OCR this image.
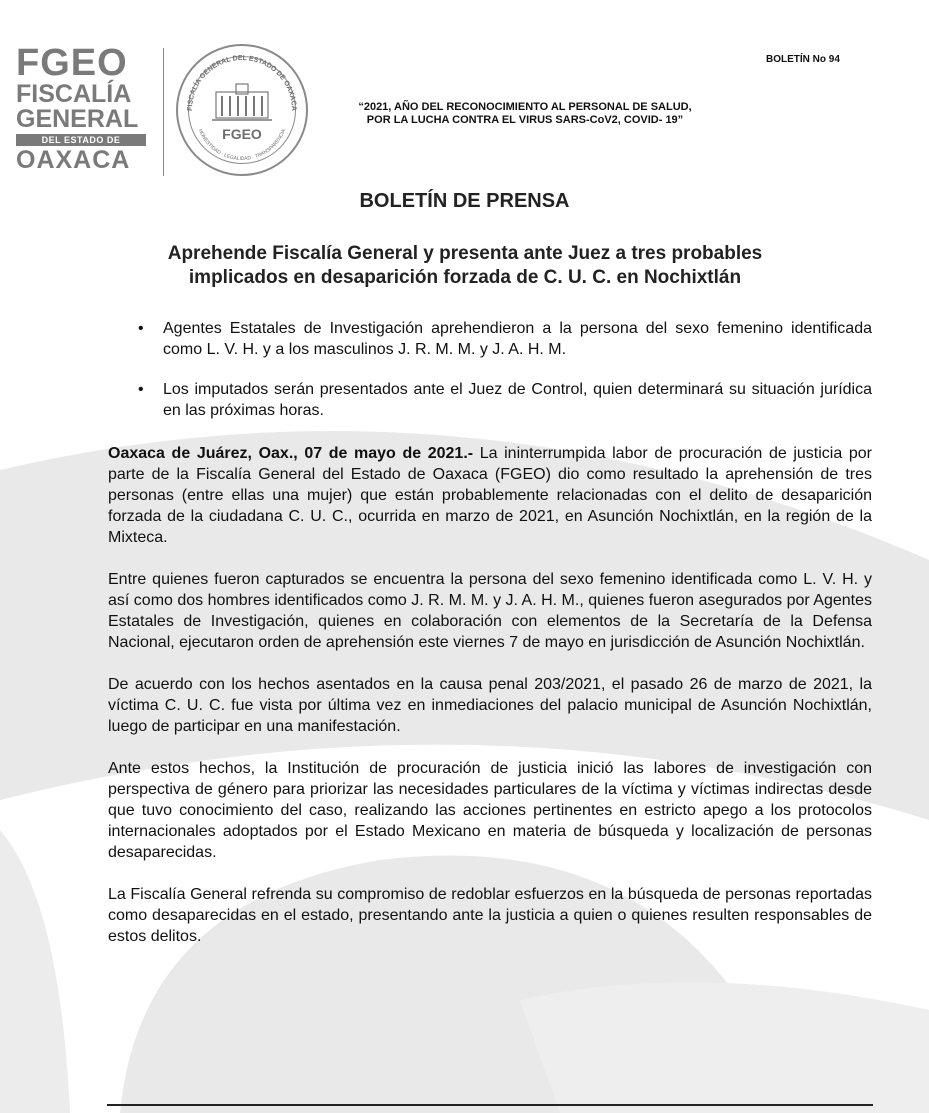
FGEO
FISCALÍA
GENERAL
DEL ESTADO DE
OAXACA
FISCALÍA GENERAL DEL ESTADO DE OAXACA
HONESTIDAD · LEGALIDAD · TRANSPARENCIA
FGEO
BOLETÍN No 94
“2021, AÑO DEL RECONOCIMIENTO AL PERSONAL DE SALUD,
POR LA LUCHA CONTRA EL VIRUS SARS-CoV2, COVID- 19”
BOLETÍN DE PRENSA
Aprehende Fiscalía General y presenta ante Juez a tres probables
implicados en desaparición forzada de C. U. C. en Nochixtlán
• Agentes Estatales de Investigación aprehendieron a la persona del sexo femenino identificada como L. V. H. y a los masculinos J. R. M. M. y J. A. H. M.
• Los imputados serán presentados ante el Juez de Control, quien determinará su situación jurídica en las próximas horas.

Oaxaca de Juárez, Oax., 07 de mayo de 2021.- La ininterrumpida labor de procuración de justicia por parte de la Fiscalía General del Estado de Oaxaca (FGEO) dio como resultado la aprehensión de tres personas (entre ellas una mujer) que están probablemente relacionadas con el delito de desaparición forzada de la ciudadana C. U. C., ocurrida en marzo de 2021, en Asunción Nochixtlán, en la región de la Mixteca.

Entre quienes fueron capturados se encuentra la persona del sexo femenino identificada como L. V. H. y así como dos hombres identificados como J. R. M. M. y J. A. H. M., quienes fueron asegurados por Agentes Estatales de Investigación, quienes en colaboración con elementos de la Secretaría de la Defensa Nacional, ejecutaron orden de aprehensión este viernes 7 de mayo en jurisdicción de Asunción Nochixtlán.

De acuerdo con los hechos asentados en la causa penal 203/2021, el pasado 26 de marzo de 2021, la víctima C. U. C. fue vista por última vez en inmediaciones del palacio municipal de Asunción Nochixtlán, luego de participar en una manifestación.

Ante estos hechos, la Institución de procuración de justicia inició las labores de investigación con perspectiva de género para priorizar las necesidades particulares de la víctima y víctimas indirectas desde que tuvo conocimiento del caso, realizando las acciones pertinentes en estricto apego a los protocolos internacionales adoptados por el Estado Mexicano en materia de búsqueda y localización de personas desaparecidas.

La Fiscalía General refrenda su compromiso de redoblar esfuerzos en la búsqueda de personas reportadas como desaparecidas en el estado, presentando ante la justicia a quien o quienes resulten responsables de estos delitos.
